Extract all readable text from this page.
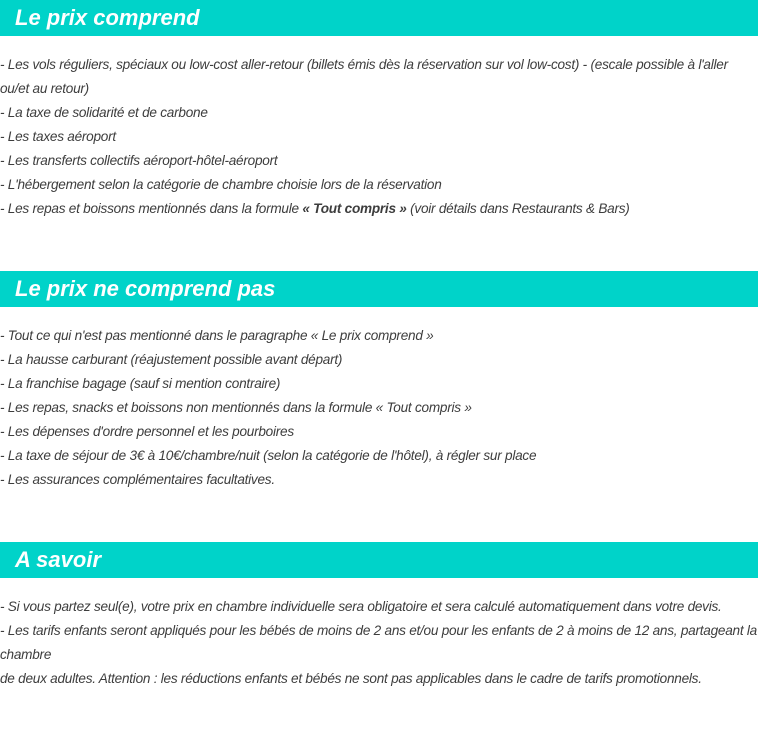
Le prix comprend
- Les vols réguliers, spéciaux ou low-cost aller-retour (billets émis dès la réservation sur vol low-cost) - (escale possible à l'aller ou/et au retour)
- La taxe de solidarité et de carbone
- Les taxes aéroport
- Les transferts collectifs aéroport-hôtel-aéroport
- L'hébergement selon la catégorie de chambre choisie lors de la réservation
- Les repas et boissons mentionnés dans la formule « Tout compris » (voir détails dans Restaurants & Bars)
Le prix ne comprend pas
- Tout ce qui n'est pas mentionné dans le paragraphe « Le prix comprend »
- La hausse carburant (réajustement possible avant départ)
- La franchise bagage (sauf si mention contraire)
- Les repas, snacks et boissons non mentionnés dans la formule « Tout compris »
- Les dépenses d'ordre personnel et les pourboires
- La taxe de séjour de 3€ à 10€/chambre/nuit (selon la catégorie de l'hôtel), à régler sur place
- Les assurances complémentaires facultatives.
A savoir
- Si vous partez seul(e), votre prix en chambre individuelle sera obligatoire et sera calculé automatiquement dans votre devis.
- Les tarifs enfants seront appliqués pour les bébés de moins de 2 ans et/ou pour les enfants de 2 à moins de 12 ans, partageant la chambre
de deux adultes. Attention : les réductions enfants et bébés ne sont pas applicables dans le cadre de tarifs promotionnels.
